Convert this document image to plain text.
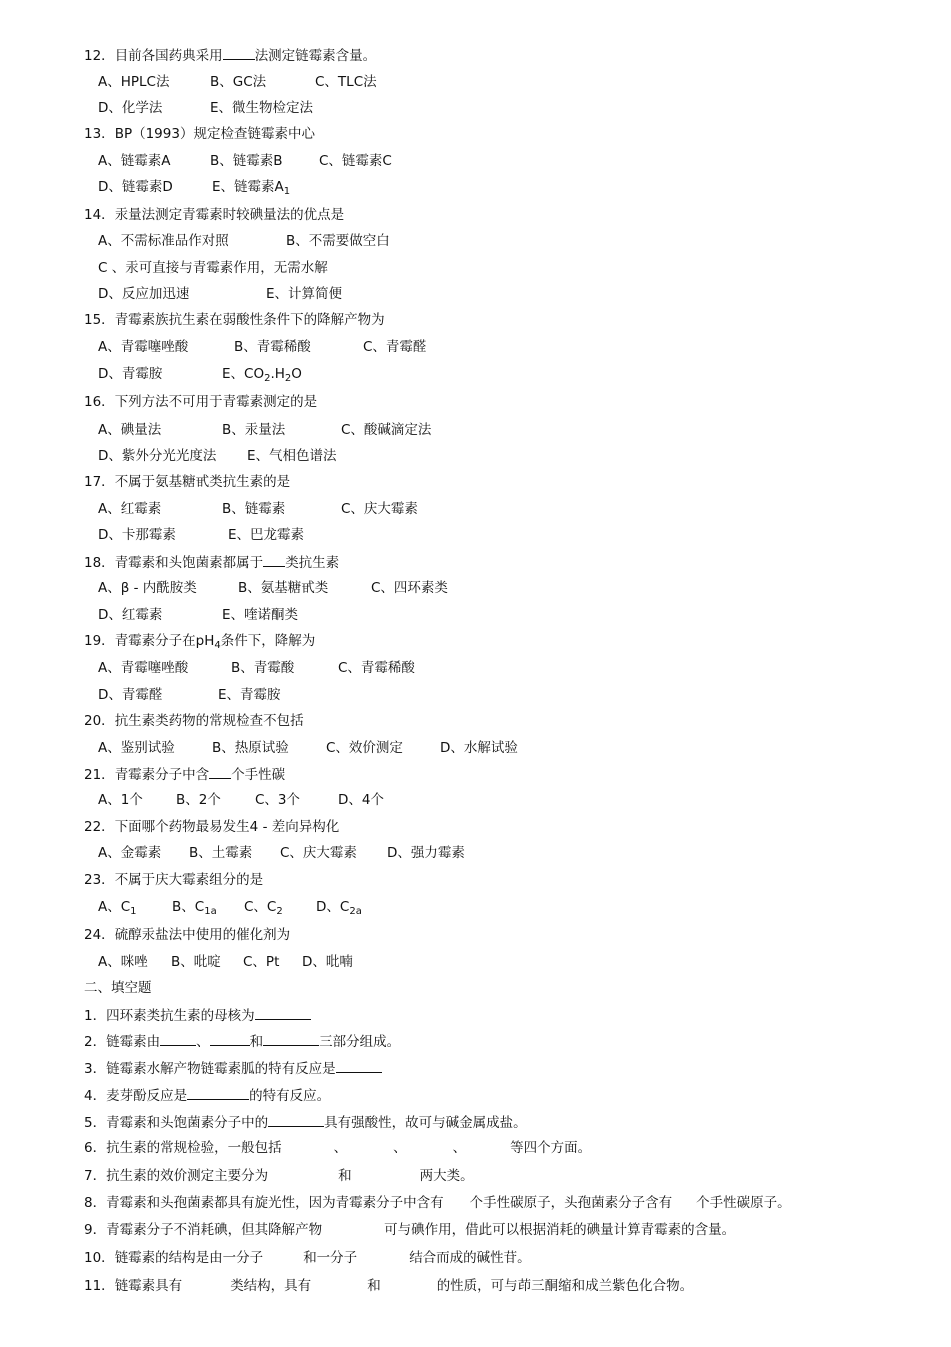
12．目前各国药典采用 法测定链霉素含量。
A、HPLC法	B、GC法	C、TLC法
D、化学法	E、微生物检定法
13．BP（1993）规定检查链霉素中心
A、链霉素A	B、链霉素B	C、链霉素C
D、链霉素D	E、链霉素$A_1$
14．汞量法测定青霉素时较碘量法的优点是
A、不需标准品作对照	B、不需要做空白
C 、汞可直接与青霉素作用，无需水解
D、反应加迅速	E、计算简便
15．青霉素族抗生素在弱酸性条件下的降解产物为
A、青霉噻唑酸	B、青霉稀酸	C、青霉醛
D、青霉胺	E、$CO_2.H_2O$
16．下列方法不可用于青霉素测定的是
A、碘量法	B、汞量法	C、酸碱滴定法
D、紫外分光光度法 E、气相色谱法
17．不属于氨基糖甙类抗生素的是
A、红霉素	B、链霉素	C、庆大霉素
D、卡那霉素	E、巴龙霉素
18．青霉素和头饱菌素都属于 类抗生素
A、β - 内酰胺类	B、氨基糖甙类	C、四环素类
D、红霉素	E、喹诺酮类
19．青霉素分子在$pH_4$条件下，降解为
A、青霉噻唑酸	B、青霉酸	C、青霉稀酸
D、青霉醛	E、青霉胺
20．抗生素类药物的常规检查不包括
A、鉴别试验	B、热原试验	C、效价测定	D、水解试验
21．青霉素分子中含 个手性碳
A、1个 B、2个	C、3个	D、4个
22．下面哪个药物最易发生4 - 差向异构化
A、金霉素 B、土霉素 C、庆大霉素 D、强力霉素
23．不属于庆大霉素组分的是
A、$C_1$	B、$C_{1a}$ C、$C_2$ D、$C_{2a}$
24．硫醇汞盐法中使用的催化剂为
A、咪唑 B、吡啶 C、Pt D、吡喃
二、填空题
1．四环素类抗生素的母核为
2．链霉素由	、	和	三部分组成。
3．链霉素水解产物链霉素胍的特有反应是
4．麦芽酚反应是	的特有反应。
5．青霉素和头饱菌素分子中的	具有强酸性，故可与碱金属成盐。
6．抗生素的常规检验，一般包括	、	、	、	等四个方面。
7．抗生素的效价测定主要分为	和	两大类。
8．青霉素和头孢菌素都具有旋光性，因为青霉素分子中含有 个手性碳原子，头孢菌素分子含有 个手性碳原子。
9．青霉素分子不消耗碘，但其降解产物	可与碘作用，借此可以根据消耗的碘量计算青霉素的含量。
10．链霉素的结构是由一分子	和一分子	结合而成的碱性苷。
11．链霉素具有	类结构，具有	和	的性质，可与茚三酮缩和成兰紫色化合物。
